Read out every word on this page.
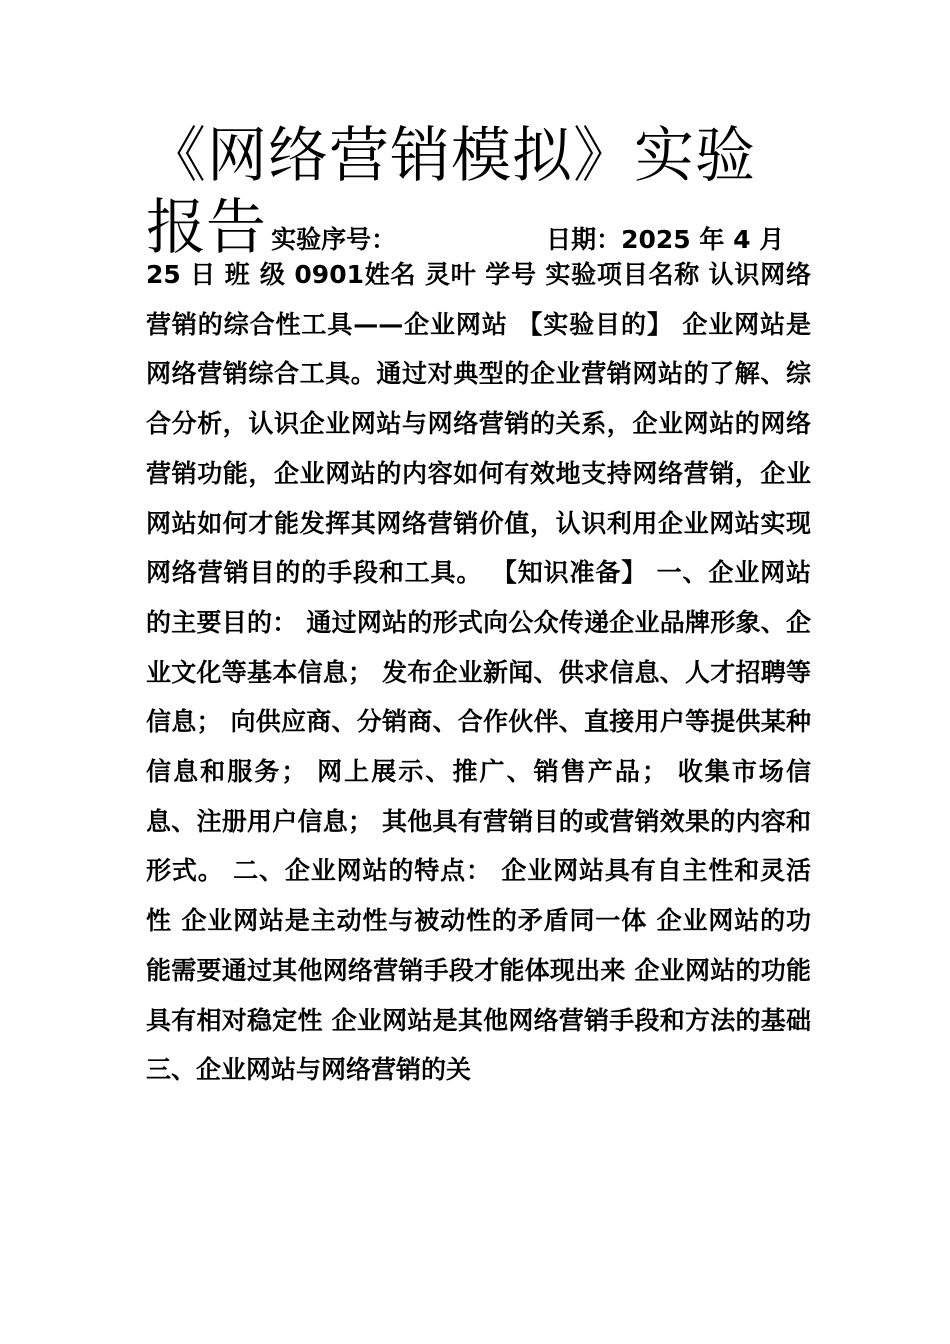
《网络营销模拟》实验
报告 实验序号：	日期：2025 年 4 月

25 日 班 级 0901姓名 灵叶 学号 实验项目名称 认识网络营销的综合性工具——企业网站 【实验目的】 企业网站是网络营销综合工具。通过对典型的企业营销网站的了解、综合分析，认识企业网站与网络营销的关系，企业网站的网络营销功能，企业网站的内容如何有效地支持网络营销，企业网站如何才能发挥其网络营销价值，认识利用企业网站实现网络营销目的的手段和工具。 【知识准备】 一、企业网站的主要目的： 通过网站的形式向公众传递企业品牌形象、企业文化等基本信息； 发布企业新闻、供求信息、人才招聘等信息； 向供应商、分销商、合作伙伴、直接用户等提供某种信息和服务； 网上展示、推广、销售产品； 收集市场信息、注册用户信息； 其他具有营销目的或营销效果的内容和形式。 二、企业网站的特点： 企业网站具有自主性和灵活性 企业网站是主动性与被动性的矛盾同一体 企业网站的功能需要通过其他网络营销手段才能体现出来 企业网站的功能具有相对稳定性 企业网站是其他网络营销手段和方法的基础 三、企业网站与网络营销的关
